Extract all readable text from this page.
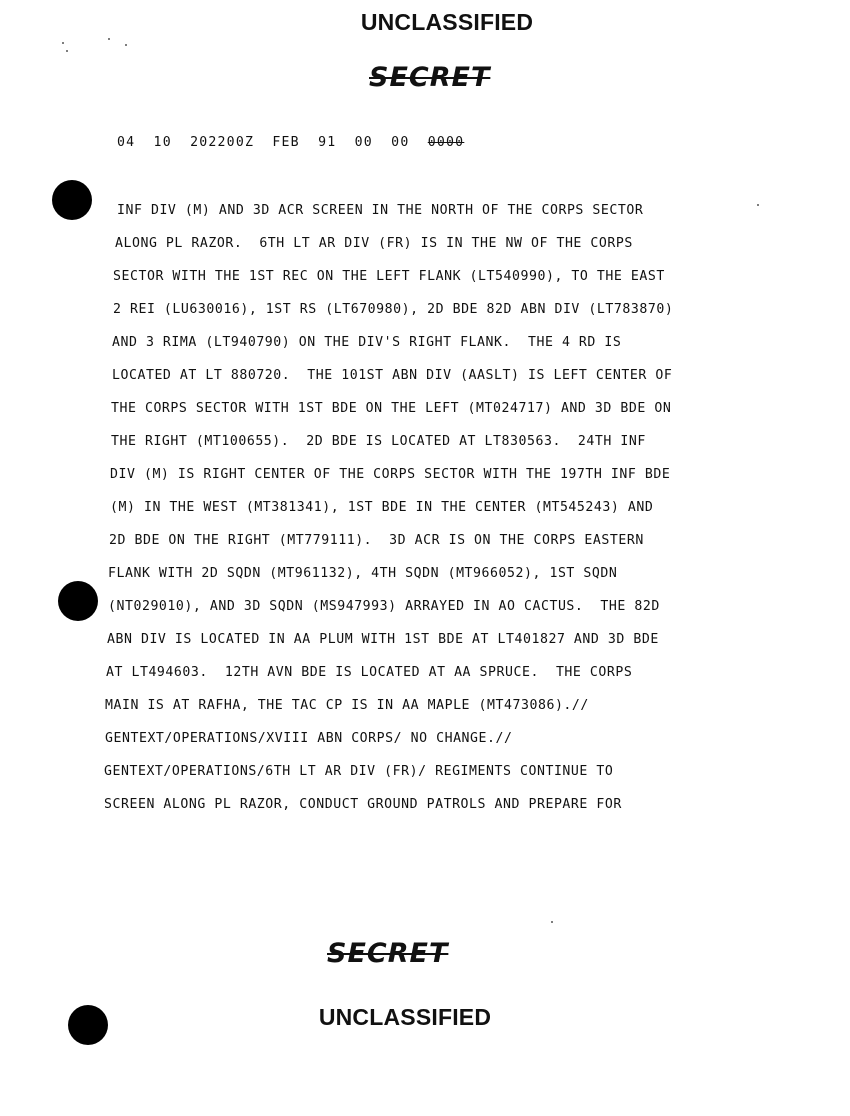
UNCLASSIFIED
SECRET
04  10  202200Z  FEB  91  00  00  0000
INF DIV (M) AND 3D ACR SCREEN IN THE NORTH OF THE CORPS SECTOR
ALONG PL RAZOR.  6TH LT AR DIV (FR) IS IN THE NW OF THE CORPS
SECTOR WITH THE 1ST REC ON THE LEFT FLANK (LT540990), TO THE EAST
2 REI (LU630016), 1ST RS (LT670980), 2D BDE 82D ABN DIV (LT783870)
AND 3 RIMA (LT940790) ON THE DIV'S RIGHT FLANK.  THE 4 RD IS
LOCATED AT LT 880720.  THE 101ST ABN DIV (AASLT) IS LEFT CENTER OF
THE CORPS SECTOR WITH 1ST BDE ON THE LEFT (MT024717) AND 3D BDE ON
THE RIGHT (MT100655).  2D BDE IS LOCATED AT LT830563.  24TH INF
DIV (M) IS RIGHT CENTER OF THE CORPS SECTOR WITH THE 197TH INF BDE
(M) IN THE WEST (MT381341), 1ST BDE IN THE CENTER (MT545243) AND
2D BDE ON THE RIGHT (MT779111).  3D ACR IS ON THE CORPS EASTERN
FLANK WITH 2D SQDN (MT961132), 4TH SQDN (MT966052), 1ST SQDN
(NT029010), AND 3D SQDN (MS947993) ARRAYED IN AO CACTUS.  THE 82D
ABN DIV IS LOCATED IN AA PLUM WITH 1ST BDE AT LT401827 AND 3D BDE
AT LT494603.  12TH AVN BDE IS LOCATED AT AA SPRUCE.  THE CORPS
MAIN IS AT RAFHA, THE TAC CP IS IN AA MAPLE (MT473086).//
GENTEXT/OPERATIONS/XVIII ABN CORPS/ NO CHANGE.//
GENTEXT/OPERATIONS/6TH LT AR DIV (FR)/ REGIMENTS CONTINUE TO
SCREEN ALONG PL RAZOR, CONDUCT GROUND PATROLS AND PREPARE FOR
SECRET
UNCLASSIFIED
